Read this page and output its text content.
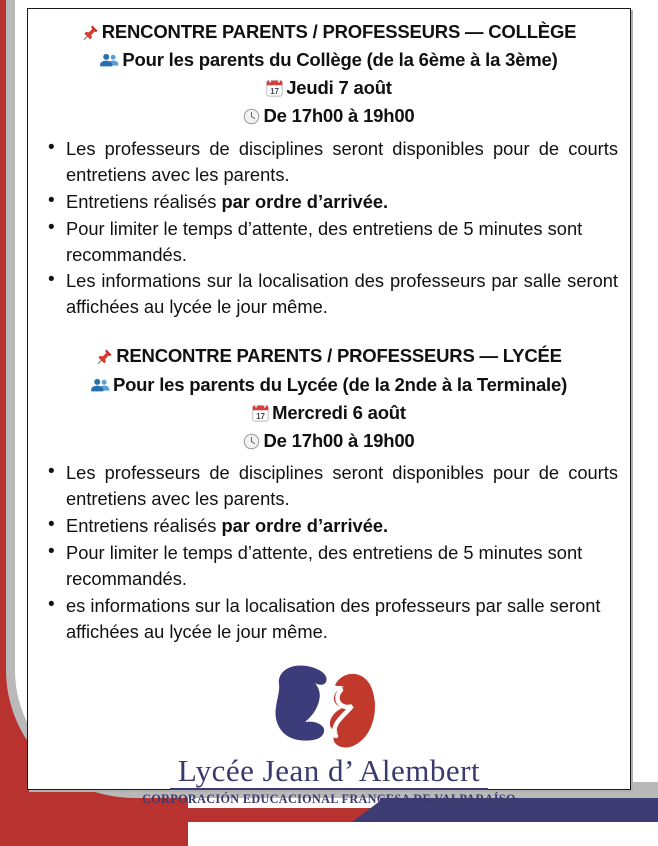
RENCONTRE PARENTS / PROFESSEURS — COLLÈGE
Pour les parents du Collège (de la 6ème à la 3ème)
17 Jeudi 7 août
De 17h00 à 19h00
• Les professeurs de disciplines seront disponibles pour de courts entretiens avec les parents.
• Entretiens réalisés par ordre d’arrivée.
• Pour limiter le temps d’attente, des entretiens de 5 minutes sont recommandés.
• Les informations sur la localisation des professeurs par salle seront affichées au lycée le jour même.
RENCONTRE PARENTS / PROFESSEURS — LYCÉE
Pour les parents du Lycée (de la 2nde à la Terminale)
17 Mercredi 6 août
De 17h00 à 19h00
• Les professeurs de disciplines seront disponibles pour de courts entretiens avec les parents.
• Entretiens réalisés par ordre d’arrivée.
• Pour limiter le temps d’attente, des entretiens de 5 minutes sont recommandés.
• es informations sur la localisation des professeurs par salle seront affichées au lycée le jour même.
Lycée Jean d’ Alembert
CORPORACIÓN EDUCACIONAL FRANCESA DE VALPARAÍSO
